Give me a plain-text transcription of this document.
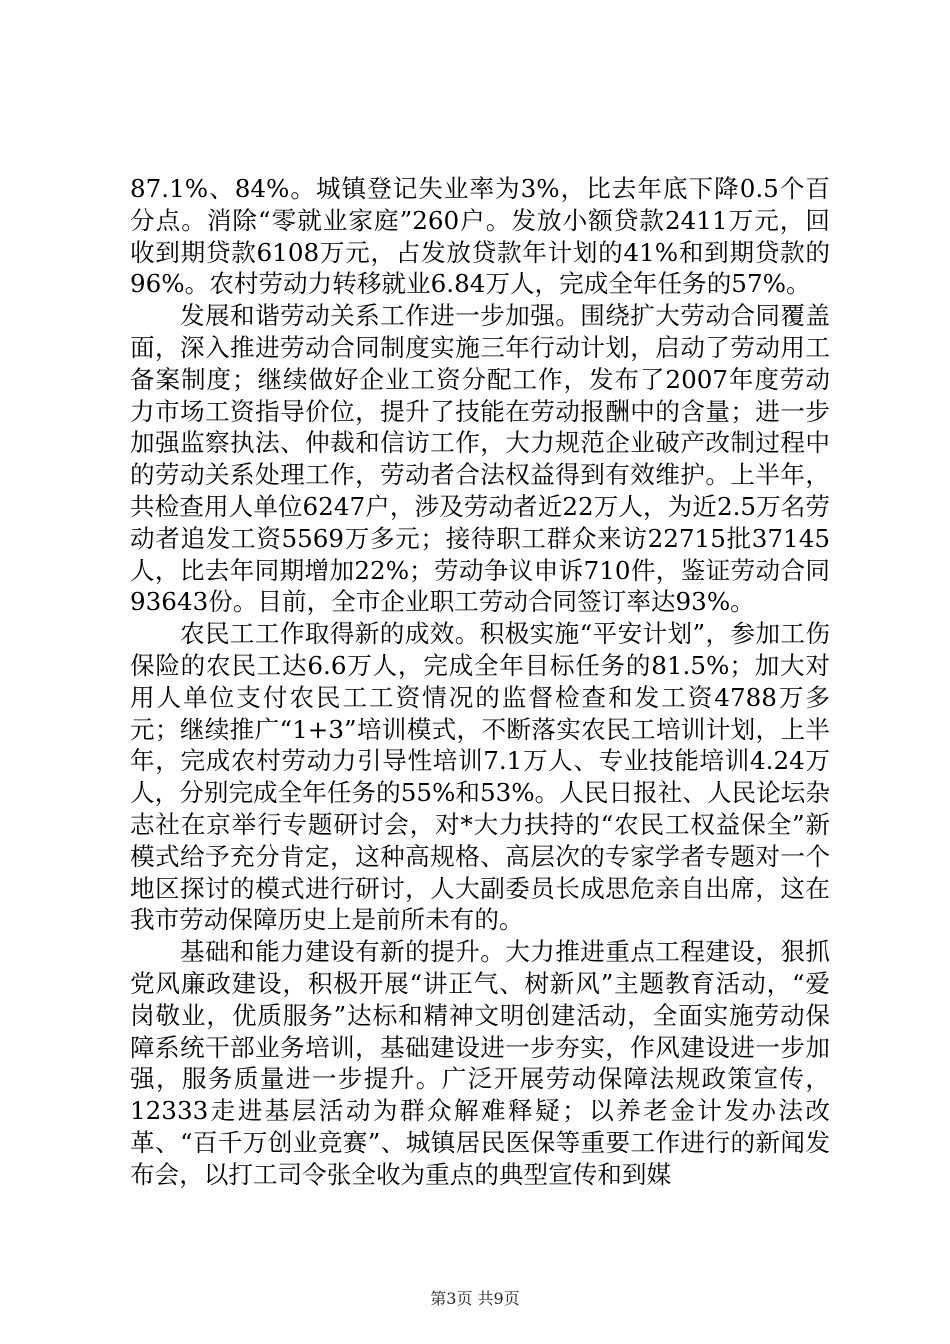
87.1%、84%。城镇登记失业率为3%，比去年底下降0.5个百分点。消除“零就业家庭”260户。发放小额贷款2411万元，回收到期贷款6108万元，占发放贷款年计划的41%和到期贷款的96%。农村劳动力转移就业6.84万人，完成全年任务的57%。

　　发展和谐劳动关系工作进一步加强。围绕扩大劳动合同覆盖面，深入推进劳动合同制度实施三年行动计划，启动了劳动用工备案制度；继续做好企业工资分配工作，发布了2007年度劳动力市场工资指导价位，提升了技能在劳动报酬中的含量；进一步加强监察执法、仲裁和信访工作，大力规范企业破产改制过程中的劳动关系处理工作，劳动者合法权益得到有效维护。上半年，共检查用人单位6247户，涉及劳动者近22万人，为近2.5万名劳动者追发工资5569万多元；接待职工群众来访22715批37145人，比去年同期增加22%；劳动争议申诉710件，鉴证劳动合同93643份。目前，全市企业职工劳动合同签订率达93%。

　　农民工工作取得新的成效。积极实施“平安计划”，参加工伤保险的农民工达6.6万人，完成全年目标任务的81.5%；加大对用人单位支付农民工工资情况的监督检查和发工资4788万多元；继续推广“1+3”培训模式，不断落实农民工培训计划，上半年，完成农村劳动力引导性培训7.1万人、专业技能培训4.24万人，分别完成全年任务的55%和53%。人民日报社、人民论坛杂志社在京举行专题研讨会，对*大力扶持的“农民工权益保全”新模式给予充分肯定，这种高规格、高层次的专家学者专题对一个地区探讨的模式进行研讨，人大副委员长成思危亲自出席，这在我市劳动保障历史上是前所未有的。

　　基础和能力建设有新的提升。大力推进重点工程建设，狠抓党风廉政建设，积极开展“讲正气、树新风”主题教育活动，“爱岗敬业，优质服务”达标和精神文明创建活动，全面实施劳动保障系统干部业务培训，基础建设进一步夯实，作风建设进一步加强，服务质量进一步提升。广泛开展劳动保障法规政策宣传，12333走进基层活动为群众解难释疑；以养老金计发办法改革、“百千万创业竞赛”、城镇居民医保等重要工作进行的新闻发布会，以打工司令张全收为重点的典型宣传和到媒

第3页 共9页
